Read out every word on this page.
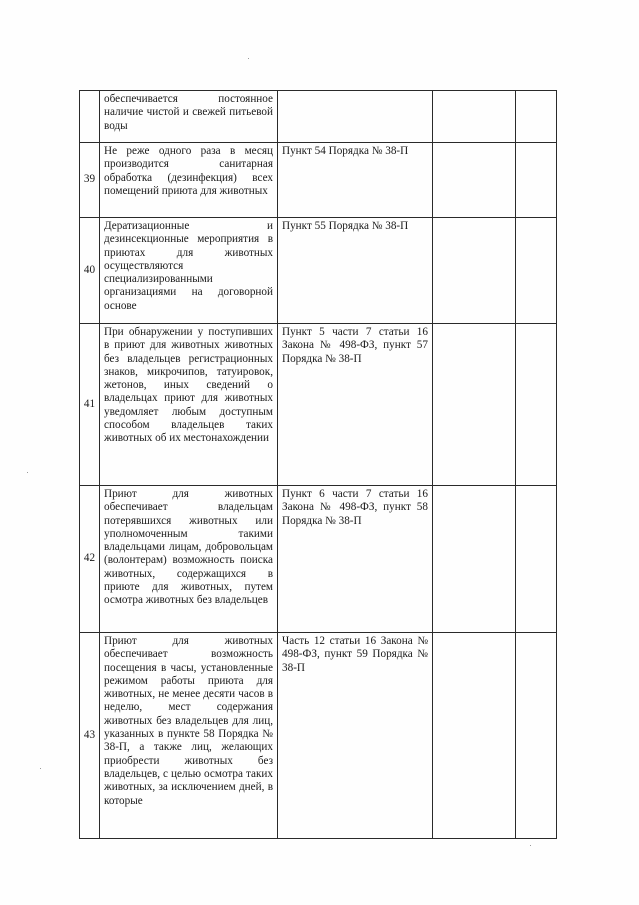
	обеспечивается постоянное наличие чистой и свежей питьевой воды			
39	Не реже одного раза в месяц производится санитарная обработка (дезинфекция) всех помещений приюта для животных	Пункт 54 Порядка № 38-П		
40	Дератизационные и дезинсекционные мероприятия в приютах для животных осуществляются специализированными организациями на договорной основе	Пункт 55 Порядка № 38-П		
41	При обнаружении у поступивших в приют для животных животных без владельцев регистрационных знаков, микрочипов, татуировок, жетонов, иных сведений о владельцах приют для животных уведомляет любым доступным способом владельцев таких животных об их местонахождении	Пункт 5 части 7 статьи 16 Закона № 498-ФЗ, пункт 57 Порядка № 38-П		
42	Приют для животных обеспечивает владельцам потерявшихся животных или уполномоченным такими владельцами лицам, добровольцам (волонтерам) возможность поиска животных, содержащихся в приюте для животных, путем осмотра животных без владельцев	Пункт 6 части 7 статьи 16 Закона № 498-ФЗ, пункт 58 Порядка № 38-П		
43	Приют для животных обеспечивает возможность посещения в часы, установленные режимом работы приюта для животных, не менее десяти часов в неделю, мест содержания животных без владельцев для лиц, указанных в пункте 58 Порядка № 38-П, а также лиц, желающих приобрести животных без владельцев, с целью осмотра таких животных, за исключением дней, в которые	Часть 12 статьи 16 Закона № 498-ФЗ, пункт 59 Порядка № 38-П		
